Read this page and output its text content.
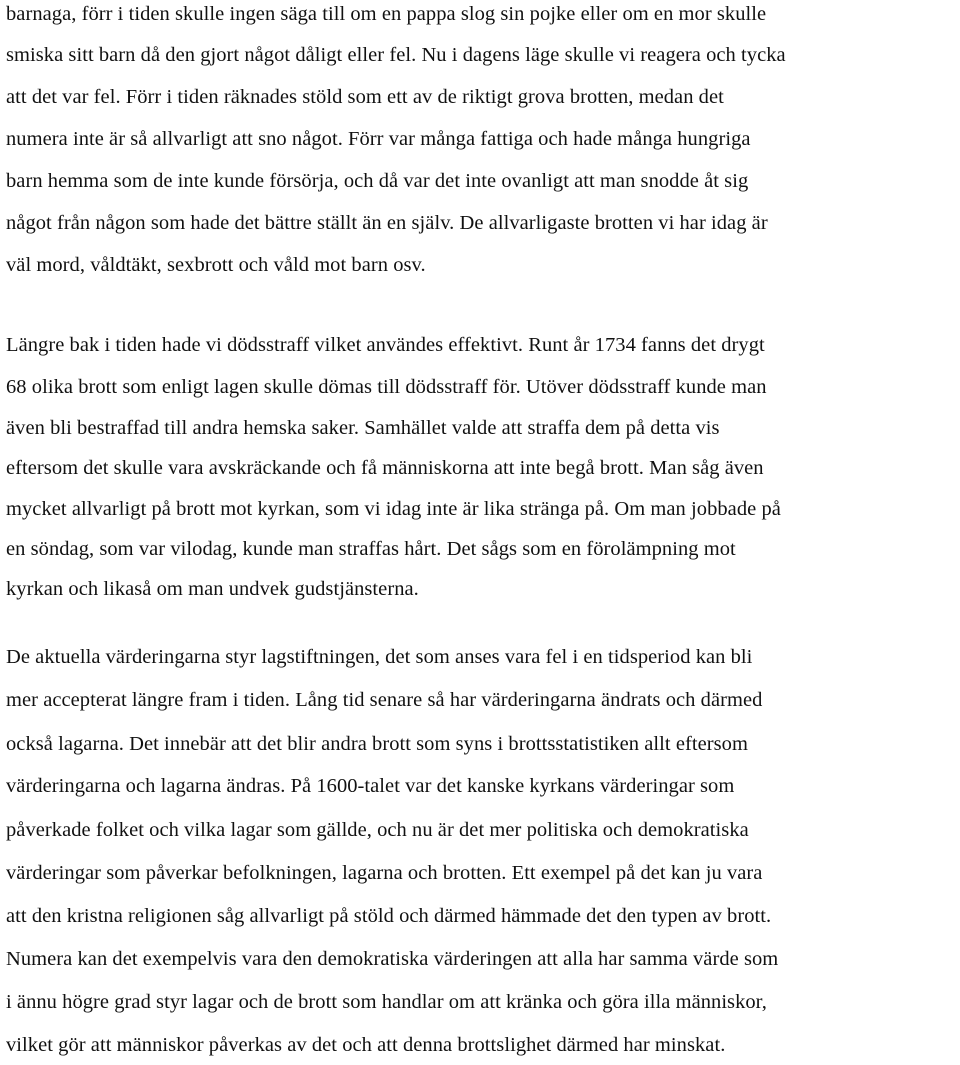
barnaga, förr i tiden skulle ingen säga till om en pappa slog sin pojke eller om en mor skulle
smiska sitt barn då den gjort något dåligt eller fel. Nu i dagens läge skulle vi reagera och tycka
att det var fel. Förr i tiden räknades stöld som ett av de riktigt grova brotten, medan det
numera inte är så allvarligt att sno något. Förr var många fattiga och hade många hungriga
barn hemma som de inte kunde försörja, och då var det inte ovanligt att man snodde åt sig
något från någon som hade det bättre ställt än en själv. De allvarligaste brotten vi har idag är
väl mord, våldtäkt, sexbrott och våld mot barn osv.
Längre bak i tiden hade vi dödsstraff vilket användes effektivt. Runt år 1734 fanns det drygt
68 olika brott som enligt lagen skulle dömas till dödsstraff för. Utöver dödsstraff kunde man
även bli bestraffad till andra hemska saker. Samhället valde att straffa dem på detta vis
eftersom det skulle vara avskräckande och få människorna att inte begå brott. Man såg även
mycket allvarligt på brott mot kyrkan, som vi idag inte är lika stränga på. Om man jobbade på
en söndag, som var vilodag, kunde man straffas hårt. Det sågs som en förolämpning mot
kyrkan och likaså om man undvek gudstjänsterna.
De aktuella värderingarna styr lagstiftningen, det som anses vara fel i en tidsperiod kan bli
mer accepterat längre fram i tiden. Lång tid senare så har värderingarna ändrats och därmed
också lagarna. Det innebär att det blir andra brott som syns i brottsstatistiken allt eftersom
värderingarna och lagarna ändras. På 1600-talet var det kanske kyrkans värderingar som
påverkade folket och vilka lagar som gällde, och nu är det mer politiska och demokratiska
värderingar som påverkar befolkningen, lagarna och brotten. Ett exempel på det kan ju vara
att den kristna religionen såg allvarligt på stöld och därmed hämmade det den typen av brott.
Numera kan det exempelvis vara den demokratiska värderingen att alla har samma värde som
i ännu högre grad styr lagar och de brott som handlar om att kränka och göra illa människor,
vilket gör att människor påverkas av det och att denna brottslighet därmed har minskat.
